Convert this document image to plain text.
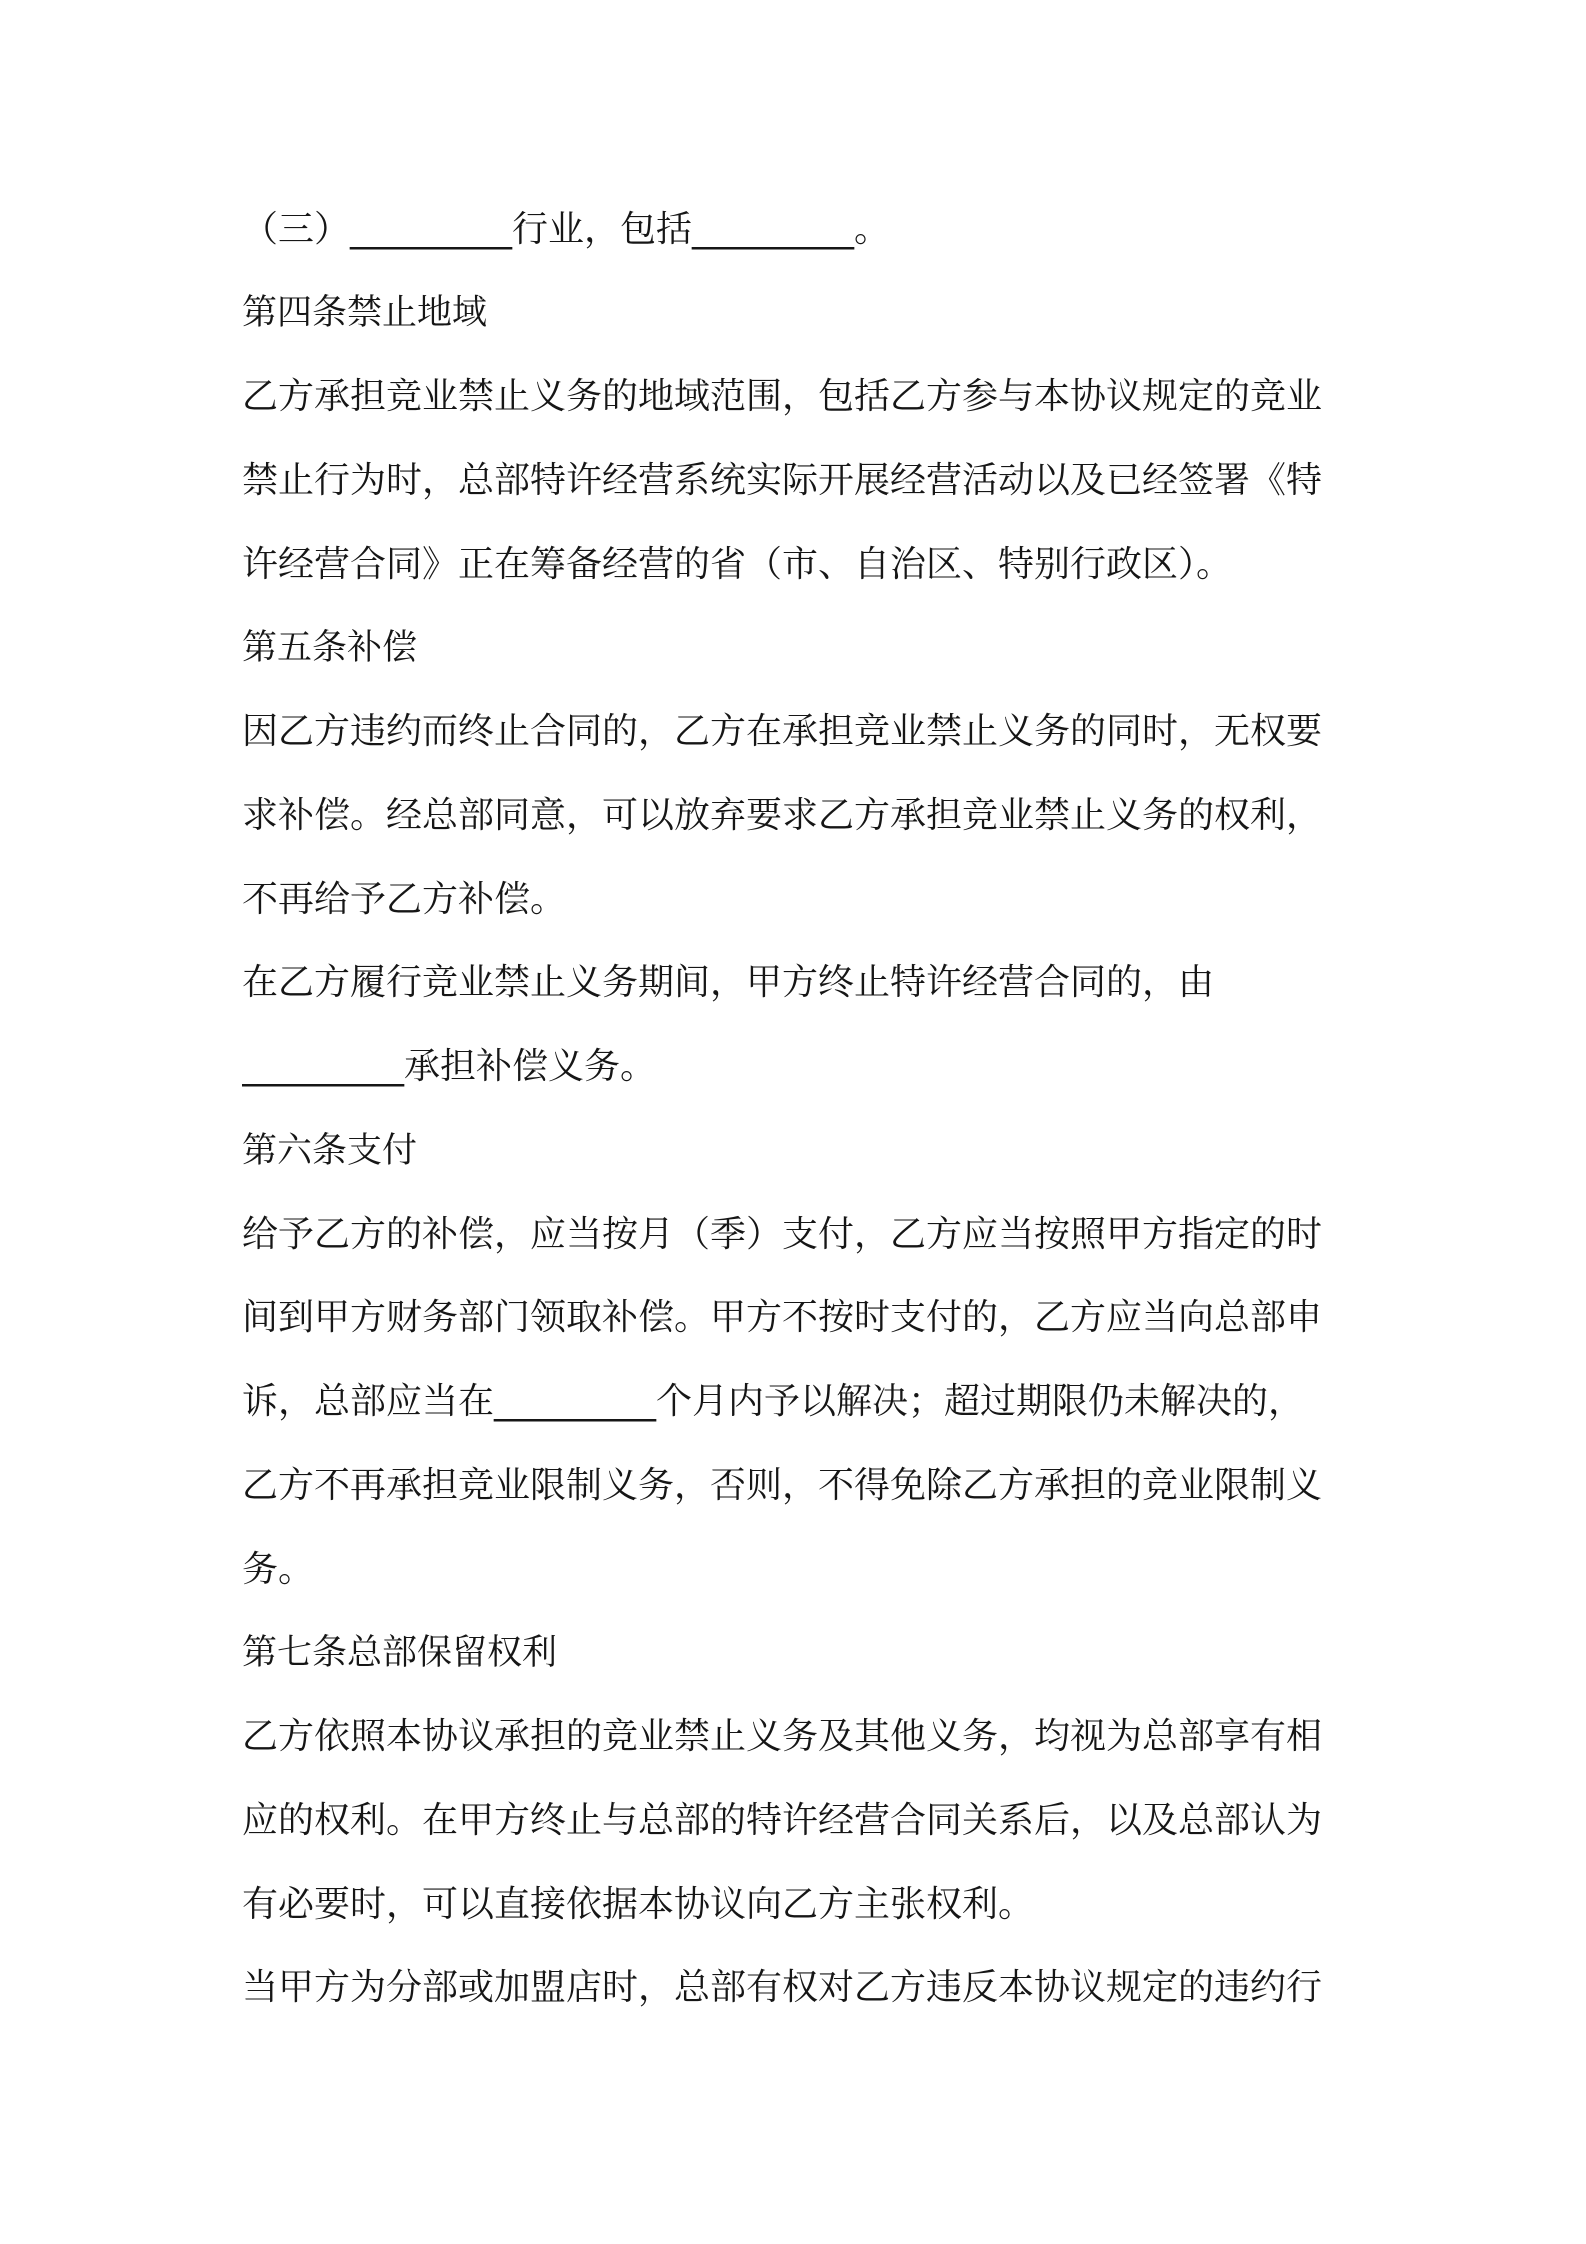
（三）_________行业，包括_________。
第四条禁止地域
乙方承担竞业禁止义务的地域范围，包括乙方参与本协议规定的竞业
禁止行为时，总部特许经营系统实际开展经营活动以及已经签署《特
许经营合同》正在筹备经营的省（市、自治区、特别行政区）。
第五条补偿
因乙方违约而终止合同的，乙方在承担竞业禁止义务的同时，无权要
求补偿。经总部同意，可以放弃要求乙方承担竞业禁止义务的权利，
不再给予乙方补偿。
在乙方履行竞业禁止义务期间，甲方终止特许经营合同的，由
_________承担补偿义务。
第六条支付
给予乙方的补偿，应当按月（季）支付，乙方应当按照甲方指定的时
间到甲方财务部门领取补偿。甲方不按时支付的，乙方应当向总部申
诉，总部应当在_________个月内予以解决；超过期限仍未解决的，
乙方不再承担竞业限制义务，否则，不得免除乙方承担的竞业限制义
务。
第七条总部保留权利
乙方依照本协议承担的竞业禁止义务及其他义务，均视为总部享有相
应的权利。在甲方终止与总部的特许经营合同关系后，以及总部认为
有必要时，可以直接依据本协议向乙方主张权利。
当甲方为分部或加盟店时，总部有权对乙方违反本协议规定的违约行
